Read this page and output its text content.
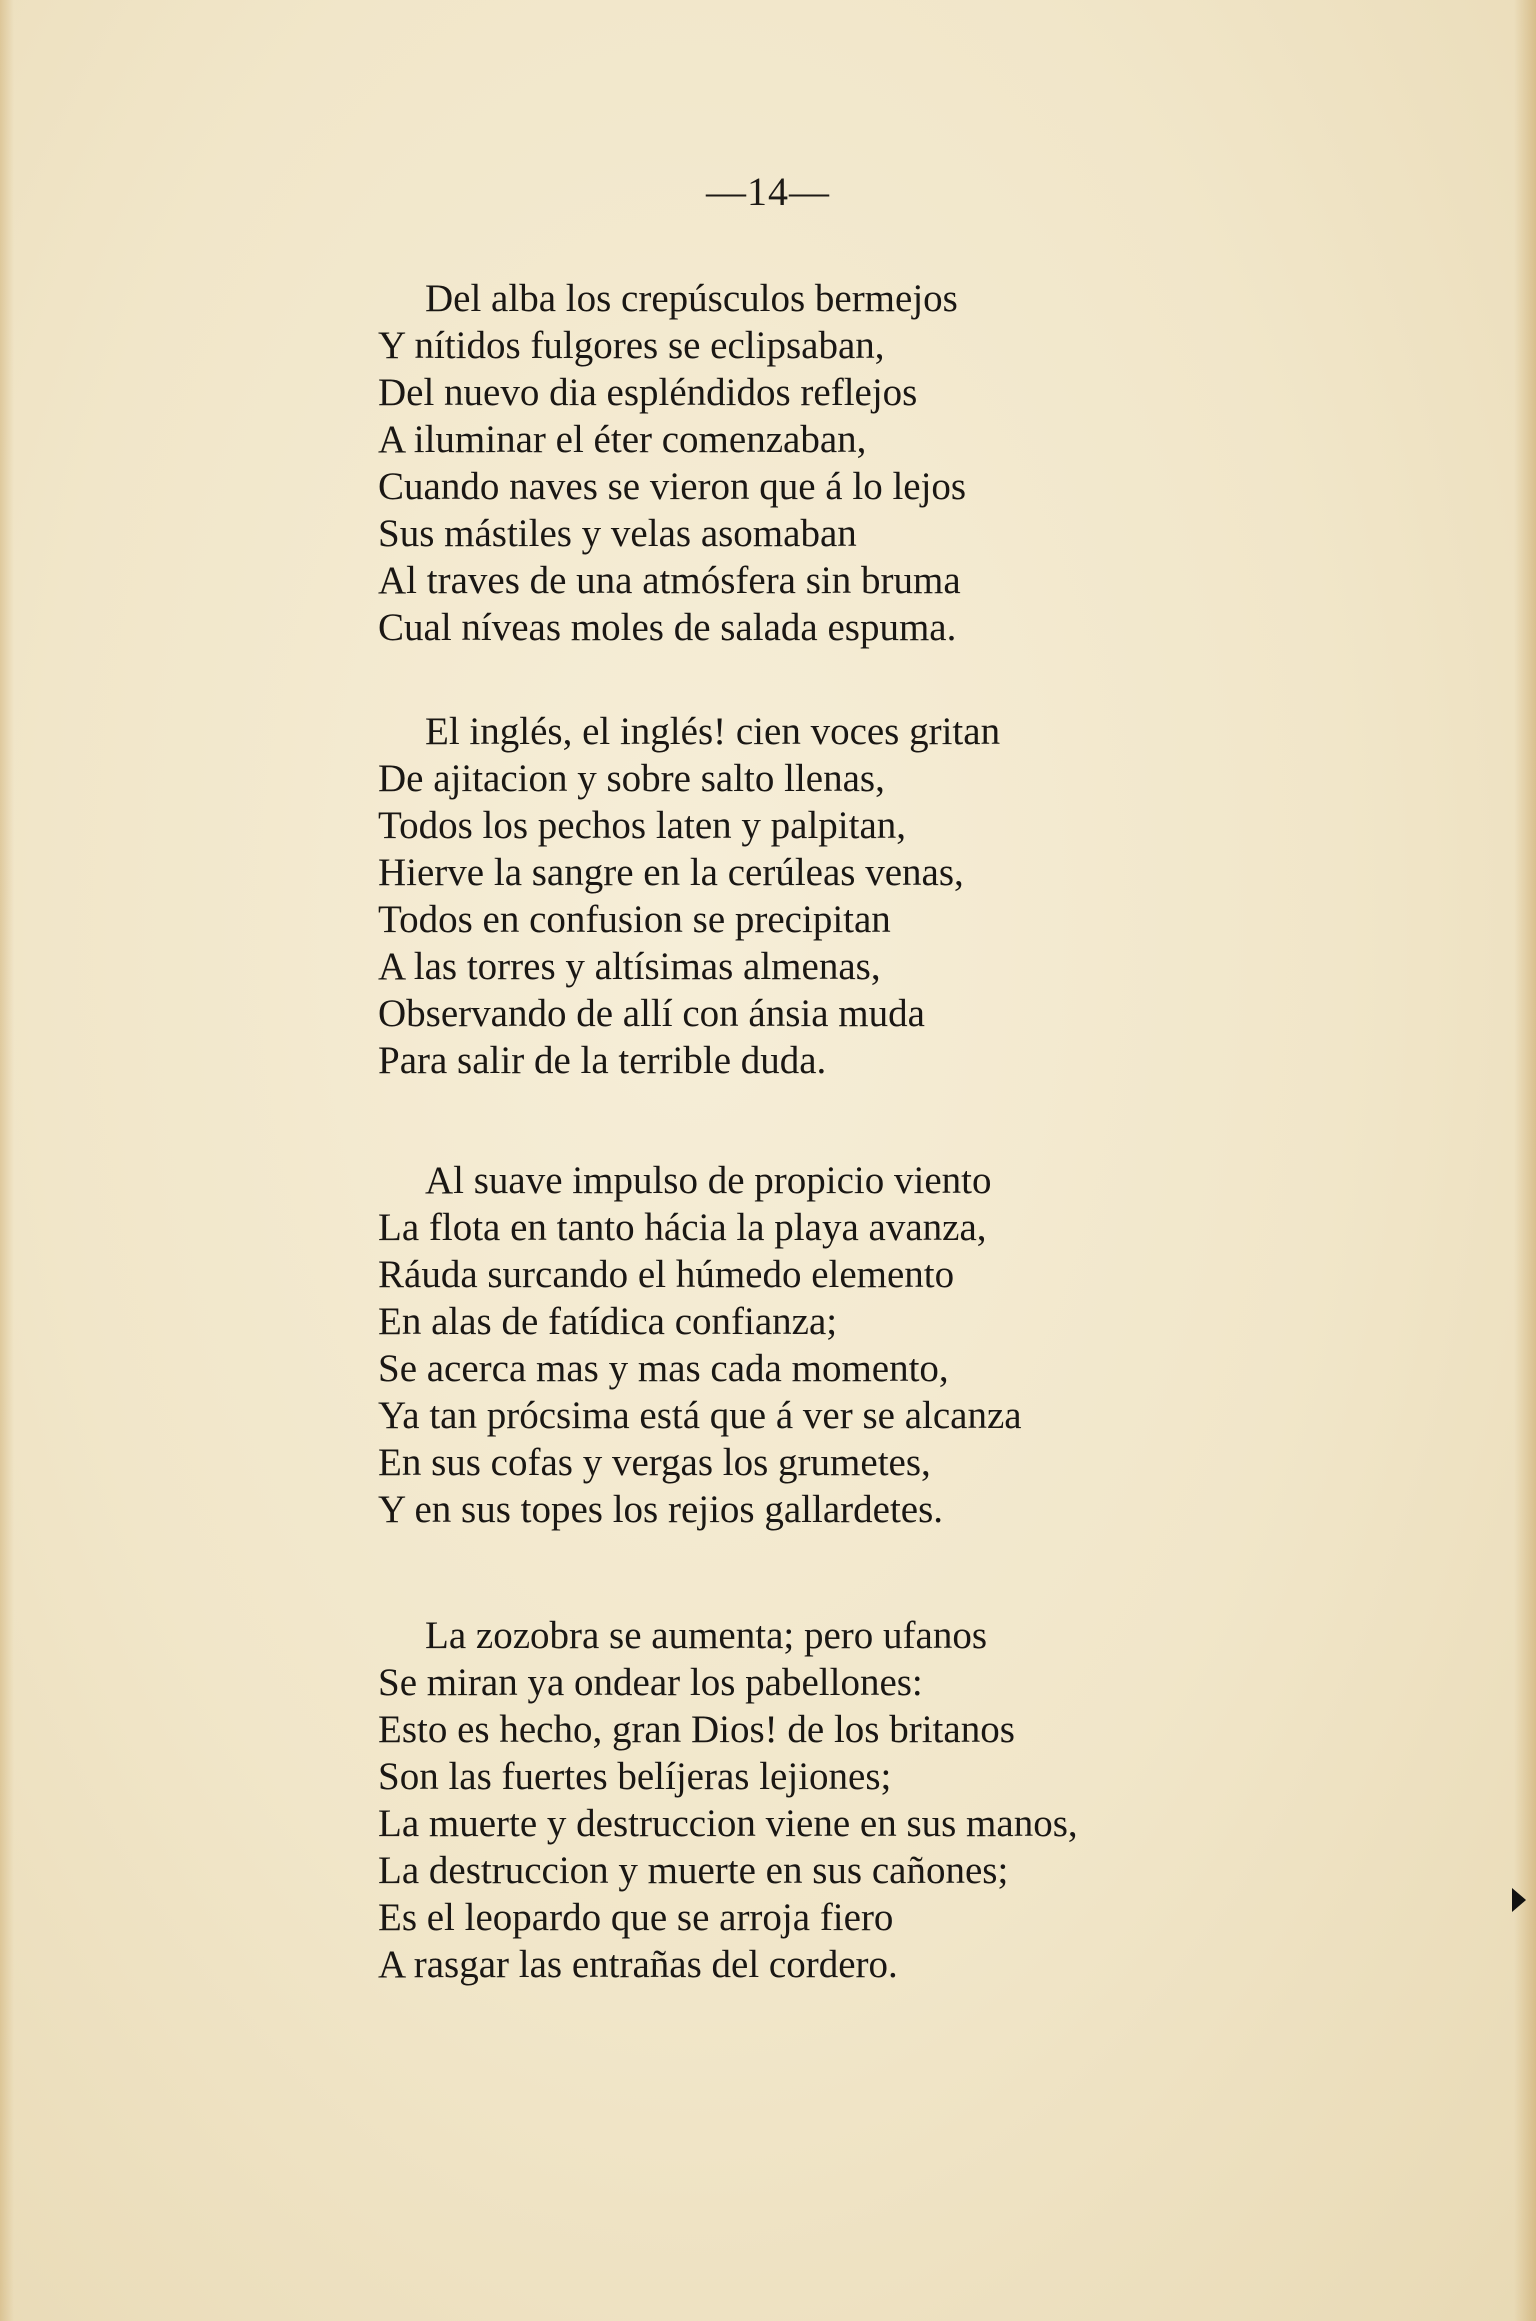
—14—
Del alba los crepúsculos bermejos
Y nítidos fulgores se eclipsaban,
Del nuevo dia espléndidos reflejos
A iluminar el éter comenzaban,
Cuando naves se vieron que á lo lejos
Sus mástiles y velas asomaban
Al traves de una atmósfera sin bruma
Cual níveas moles de salada espuma.
El inglés, el inglés! cien voces gritan
De ajitacion y sobre salto llenas,
Todos los pechos laten y palpitan,
Hierve la sangre en la cerúleas venas,
Todos en confusion se precipitan
A las torres y altísimas almenas,
Observando de allí con ánsia muda
Para salir de la terrible duda.
Al suave impulso de propicio viento
La flota en tanto hácia la playa avanza,
Ráuda surcando el húmedo elemento
En alas de fatídica confianza;
Se acerca mas y mas cada momento,
Ya tan prócsima está que á ver se alcanza
En sus cofas y vergas los grumetes,
Y en sus topes los rejios gallardetes.
La zozobra se aumenta; pero ufanos
Se miran ya ondear los pabellones:
Esto es hecho, gran Dios! de los britanos
Son las fuertes belíjeras lejiones;
La muerte y destruccion viene en sus manos,
La destruccion y muerte en sus cañones;
Es el leopardo que se arroja fiero
A rasgar las entrañas del cordero.
